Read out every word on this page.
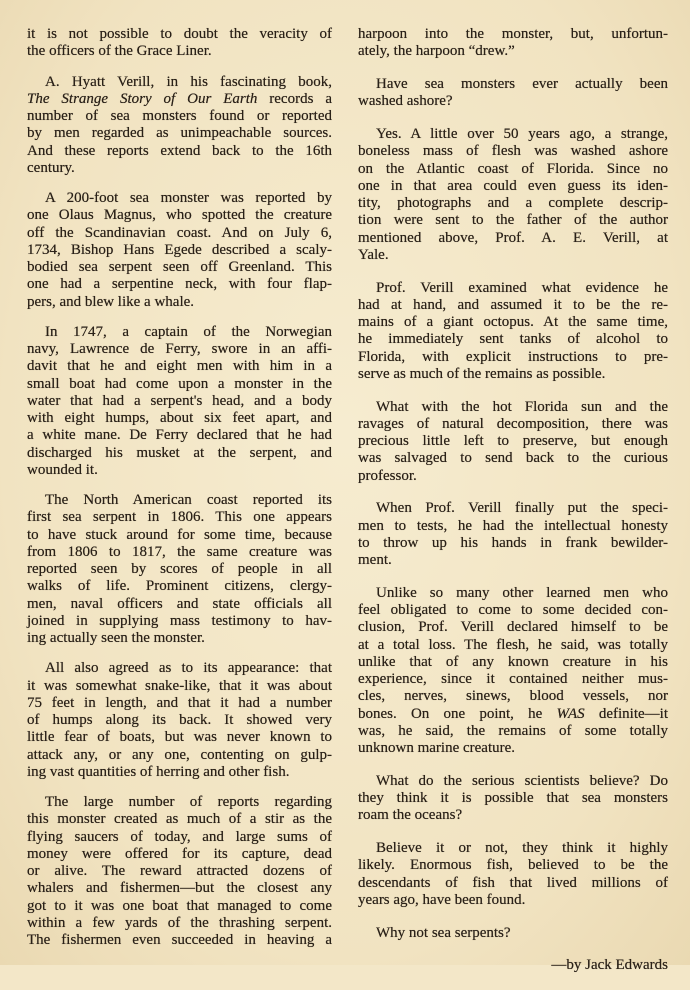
it is not possible to doubt the veracity of
the officers of the Grace Liner.
A. Hyatt Verill, in his fascinating book,
The Strange Story of Our Earth records a
number of sea monsters found or reported
by men regarded as unimpeachable sources.
And these reports extend back to the 16th
century.
A 200-foot sea monster was reported by
one Olaus Magnus, who spotted the creature
off the Scandinavian coast. And on July 6,
1734, Bishop Hans Egede described a scaly-
bodied sea serpent seen off Greenland. This
one had a serpentine neck, with four flap-
pers, and blew like a whale.
In 1747, a captain of the Norwegian
navy, Lawrence de Ferry, swore in an affi-
davit that he and eight men with him in a
small boat had come upon a monster in the
water that had a serpent's head, and a body
with eight humps, about six feet apart, and
a white mane. De Ferry declared that he had
discharged his musket at the serpent, and
wounded it.
The North American coast reported its
first sea serpent in 1806. This one appears
to have stuck around for some time, because
from 1806 to 1817, the same creature was
reported seen by scores of people in all
walks of life. Prominent citizens, clergy-
men, naval officers and state officials all
joined in supplying mass testimony to hav-
ing actually seen the monster.
All also agreed as to its appearance: that
it was somewhat snake-like, that it was about
75 feet in length, and that it had a number
of humps along its back. It showed very
little fear of boats, but was never known to
attack any, or any one, contenting on gulp-
ing vast quantities of herring and other fish.
The large number of reports regarding
this monster created as much of a stir as the
flying saucers of today, and large sums of
money were offered for its capture, dead
or alive. The reward attracted dozens of
whalers and fishermen—but the closest any
got to it was one boat that managed to come
within a few yards of the thrashing serpent.
The fishermen even succeeded in heaving a
harpoon into the monster, but, unfortun-
ately, the harpoon “drew.”
Have sea monsters ever actually been
washed ashore?
Yes. A little over 50 years ago, a strange,
boneless mass of flesh was washed ashore
on the Atlantic coast of Florida. Since no
one in that area could even guess its iden-
tity, photographs and a complete descrip-
tion were sent to the father of the author
mentioned above, Prof. A. E. Verill, at
Yale.
Prof. Verill examined what evidence he
had at hand, and assumed it to be the re-
mains of a giant octopus. At the same time,
he immediately sent tanks of alcohol to
Florida, with explicit instructions to pre-
serve as much of the remains as possible.
What with the hot Florida sun and the
ravages of natural decomposition, there was
precious little left to preserve, but enough
was salvaged to send back to the curious
professor.
When Prof. Verill finally put the speci-
men to tests, he had the intellectual honesty
to throw up his hands in frank bewilder-
ment.
Unlike so many other learned men who
feel obligated to come to some decided con-
clusion, Prof. Verill declared himself to be
at a total loss. The flesh, he said, was totally
unlike that of any known creature in his
experience, since it contained neither mus-
cles, nerves, sinews, blood vessels, nor
bones. On one point, he WAS definite—it
was, he said, the remains of some totally
unknown marine creature.
What do the serious scientists believe? Do
they think it is possible that sea monsters
roam the oceans?
Believe it or not, they think it highly
likely. Enormous fish, believed to be the
descendants of fish that lived millions of
years ago, have been found.
Why not sea serpents?
—by Jack Edwards
